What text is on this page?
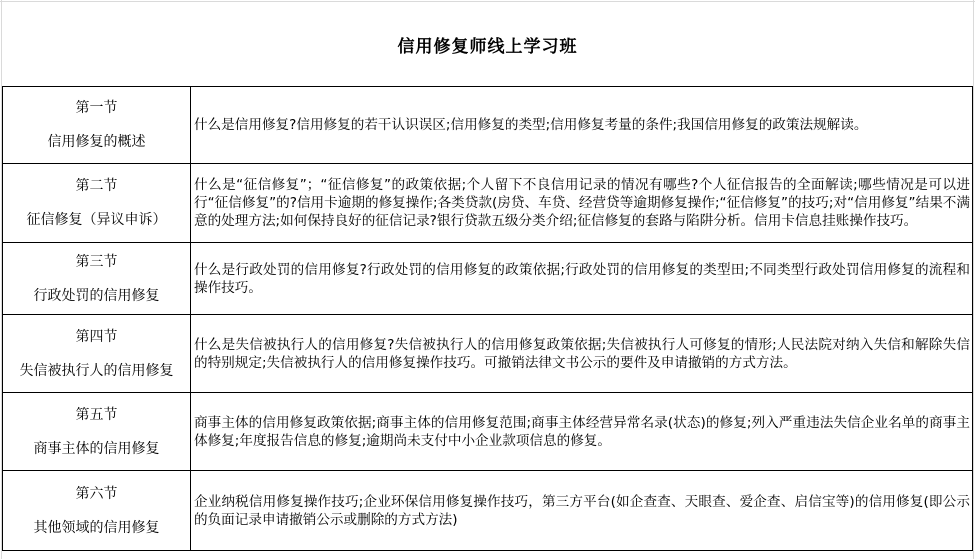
信用修复师线上学习班	

第一节
信用修复的概述	什么是信用修复?信用修复的若干认识误区;信用修复的类型;信用修复考量的条件;我国信用修复的政策法规解读。

第二节
征信修复（异议申诉）	什么是“征信修复”；“征信修复”的政策依据;个人留下不良信用记录的情况有哪些?个人征信报告的全面解读;哪些情况是可以进行“征信修复”的?信用卡逾期的修复操作;各类贷款(房贷、车贷、经营贷等逾期修复操作;“征信修复”的技巧;对“信用修复”结果不满意的处理方法;如何保持良好的征信记录?银行贷款五级分类介绍;征信修复的套路与陷阱分析。信用卡信息挂账操作技巧。

第三节
行政处罚的信用修复	什么是行政处罚的信用修复?行政处罚的信用修复的政策依据;行政处罚的信用修复的类型田;不同类型行政处罚信用修复的流程和操作技巧。

第四节
失信被执行人的信用修复	什么是失信被执行人的信用修复?失信被执行人的信用修复政策依据;失信被执行人可修复的情形;人民法院对纳入失信和解除失信的特别规定;失信被执行人的信用修复操作技巧。可撤销法律文书公示的要件及申请撤销的方式方法。

第五节
商事主体的信用修复	商事主体的信用修复政策依据;商事主体的信用修复范围;商事主体经营异常名录(状态)的修复;列入严重违法失信企业名单的商事主体修复;年度报告信息的修复;逾期尚未支付中小企业款项信息的修复。

第六节
其他领域的信用修复	企业纳税信用修复操作技巧;企业环保信用修复操作技巧，第三方平台(如企查查、天眼查、爱企查、启信宝等)的信用修复(即公示的负面记录申请撤销公示或删除的方式方法)
